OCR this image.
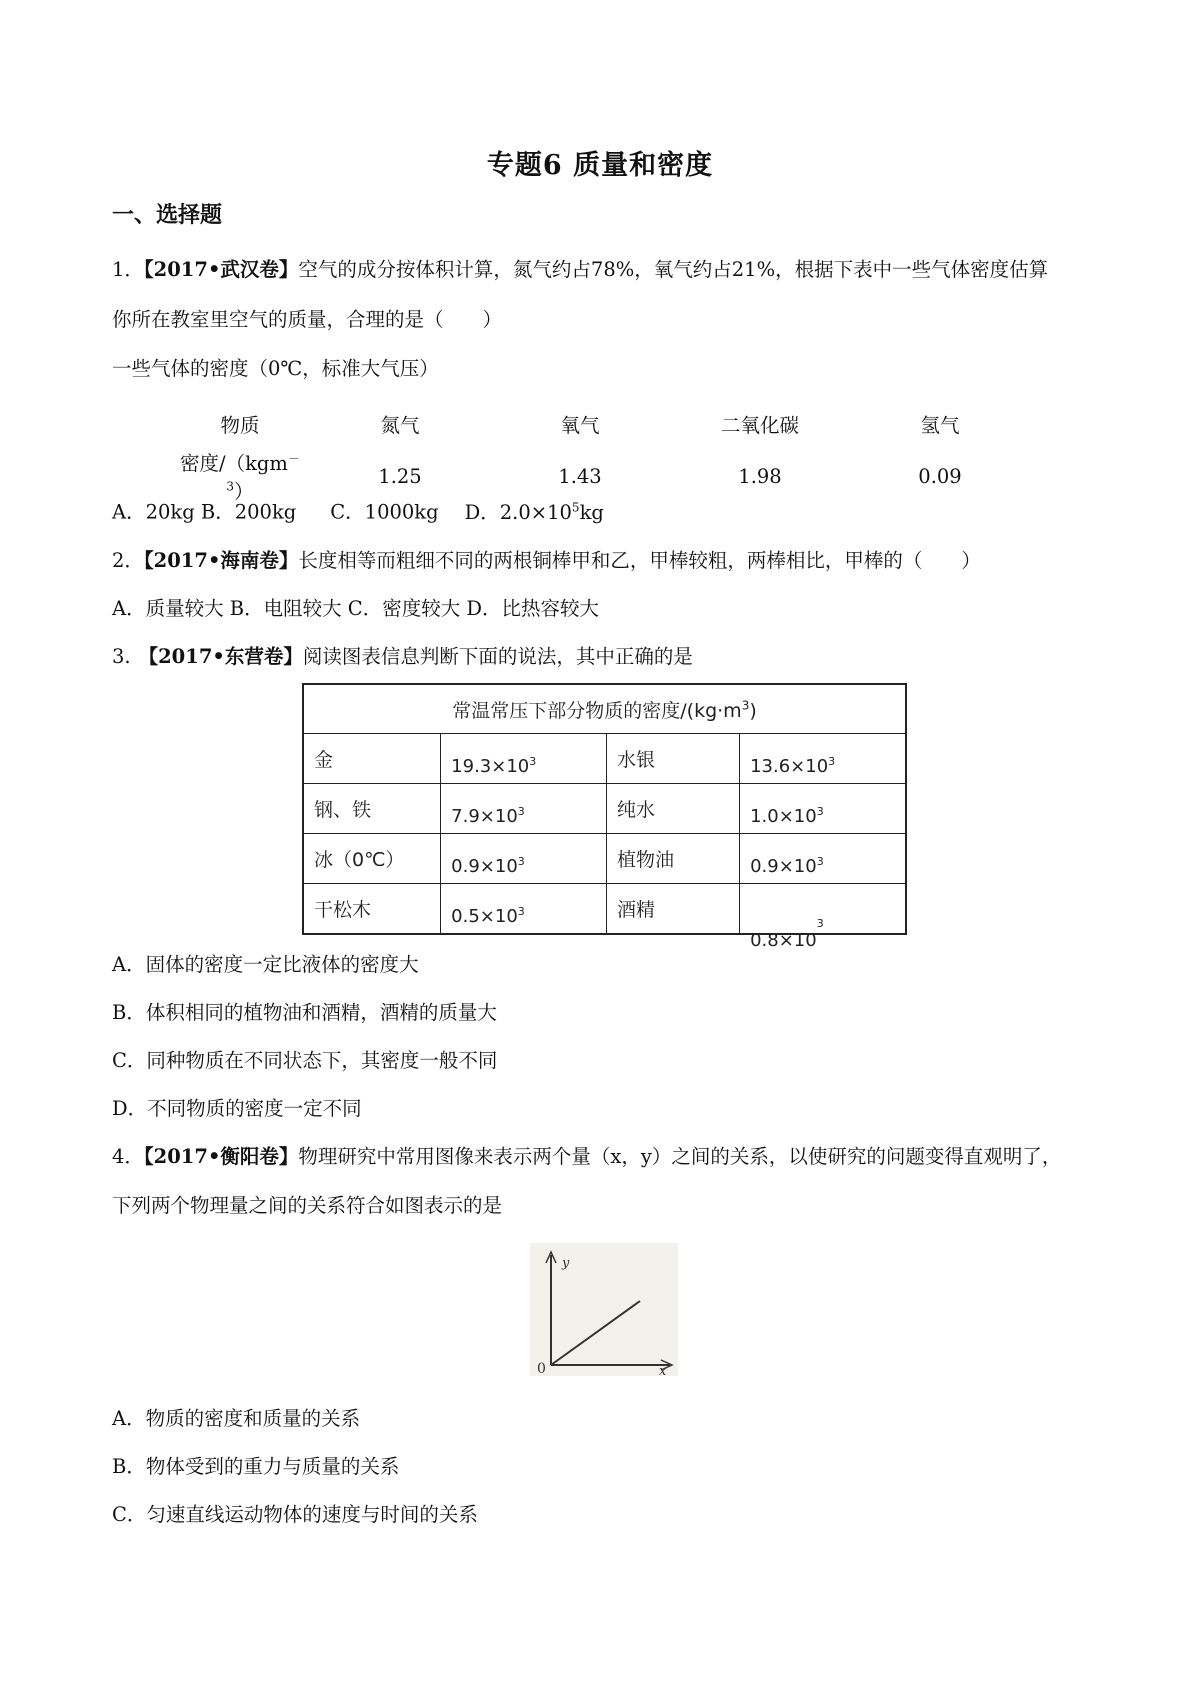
专题6 质量和密度
一、选择题
1．【2017•武汉卷】空气的成分按体积计算，氮气约占78%，氧气约占21%，根据下表中一些气体密度估算
你所在教室里空气的质量，合理的是（　　）
一些气体的密度（0℃，标准大气压）
物质	氮气	氧气	二氧化碳	氢气
密度/（kgm$^{-3}$）	1.25	1.43	1.98	0.09
A．20kg B．200kg C．1000kg D．$2.0\times 10^5kg$
2．【2017•海南卷】长度相等而粗细不同的两根铜棒甲和乙，甲棒较粗，两棒相比，甲棒的（　　）
A．质量较大 B．电阻较大 C．密度较大 D．比热容较大
3. 【2017•东营卷】阅读图表信息判断下面的说法，其中正确的是
常温常压下部分物质的密度$/(kg\cdot m^3)$			
金	$19.3\times 10^3$	水银	$13.6\times 10^3$
钢、铁	$7.9\times 10^3$	纯水	$1.0\times 10^3$
冰（0℃）	$0.9\times 10^3$	植物油	$0.9\times 10^3$
干松木	$0.5\times 10^3$	酒精	$0.8\times 10^3$
A．固体的密度一定比液体的密度大
B．体积相同的植物油和酒精，酒精的质量大
C．同种物质在不同状态下，其密度一般不同
D．不同物质的密度一定不同
4．【2017•衡阳卷】物理研究中常用图像来表示两个量（x，y）之间的关系，以使研究的问题变得直观明了，
下列两个物理量之间的关系符合如图表示的是
y
x
0
A．物质的密度和质量的关系
B．物体受到的重力与质量的关系
C．匀速直线运动物体的速度与时间的关系
